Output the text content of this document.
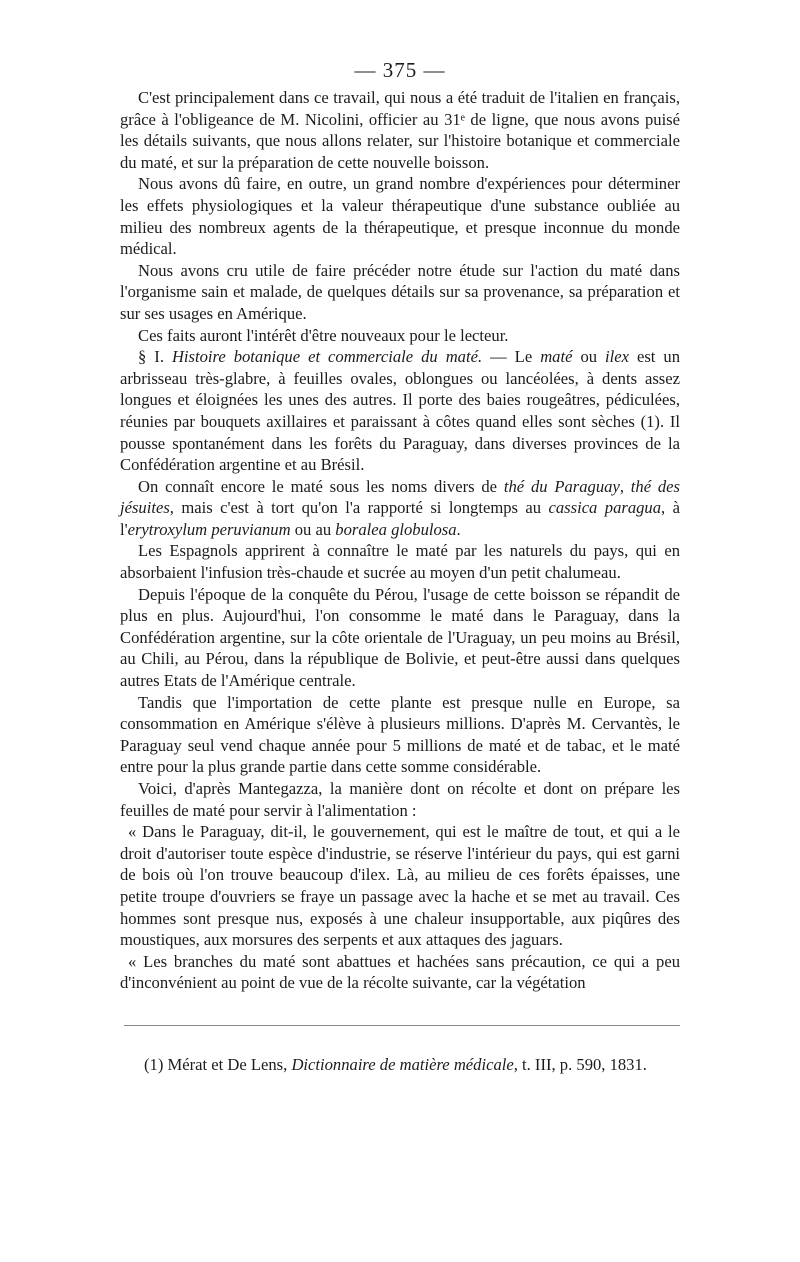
— 375 —

C'est principalement dans ce travail, qui nous a été traduit de l'italien en français, grâce à l'obligeance de M. Nicolini, officier au 31ᵉ de ligne, que nous avons puisé les détails suivants, que nous allons relater, sur l'histoire botanique et commerciale du maté, et sur la préparation de cette nouvelle boisson.

Nous avons dû faire, en outre, un grand nombre d'expériences pour déterminer les effets physiologiques et la valeur thérapeutique d'une substance oubliée au milieu des nombreux agents de la thérapeutique, et presque inconnue du monde médical.

Nous avons cru utile de faire précéder notre étude sur l'action du maté dans l'organisme sain et malade, de quelques détails sur sa provenance, sa préparation et sur ses usages en Amérique.

Ces faits auront l'intérêt d'être nouveaux pour le lecteur.

§ I. Histoire botanique et commerciale du maté. — Le maté ou ilex est un arbrisseau très-glabre, à feuilles ovales, oblongues ou lancéolées, à dents assez longues et éloignées les unes des autres. Il porte des baies rougeâtres, pédiculées, réunies par bouquets axillaires et paraissant à côtes quand elles sont sèches (1). Il pousse spontanément dans les forêts du Paraguay, dans diverses provinces de la Confédération argentine et au Brésil.

On connaît encore le maté sous les noms divers de thé du Paraguay, thé des jésuites, mais c'est à tort qu'on l'a rapporté si longtemps au cassica paraguа, à l'erytroxylum peruvianum ou au boralea globulosa.

Les Espagnols apprirent à connaître le maté par les naturels du pays, qui en absorbaient l'infusion très-chaude et sucrée au moyen d'un petit chalumeau.

Depuis l'époque de la conquête du Pérou, l'usage de cette boisson se répandit de plus en plus. Aujourd'hui, l'on consomme le maté dans le Paraguay, dans la Confédération argentine, sur la côte orientale de l'Uraguay, un peu moins au Brésil, au Chili, au Pérou, dans la république de Bolivie, et peut-être aussi dans quelques autres Etats de l'Amérique centrale.

Tandis que l'importation de cette plante est presque nulle en Europe, sa consommation en Amérique s'élève à plusieurs millions. D'après M. Cervantès, le Paraguay seul vend chaque année pour 5 millions de maté et de tabac, et le maté entre pour la plus grande partie dans cette somme considérable.

Voici, d'après Mantegazza, la manière dont on récolte et dont on prépare les feuilles de maté pour servir à l'alimentation :

« Dans le Paraguay, dit-il, le gouvernement, qui est le maître de tout, et qui a le droit d'autoriser toute espèce d'industrie, se réserve l'intérieur du pays, qui est garni de bois où l'on trouve beaucoup d'ilex. Là, au milieu de ces forêts épaisses, une petite troupe d'ouvriers se fraye un passage avec la hache et se met au travail. Ces hommes sont presque nus, exposés à une chaleur insupportable, aux piqûres des moustiques, aux morsures des serpents et aux attaques des jaguars.

« Les branches du maté sont abattues et hachées sans précaution, ce qui a peu d'inconvénient au point de vue de la récolte suivante, car la végétation

(1) Mérat et De Lens, Dictionnaire de matière médicale, t. III, p. 590, 1831.
